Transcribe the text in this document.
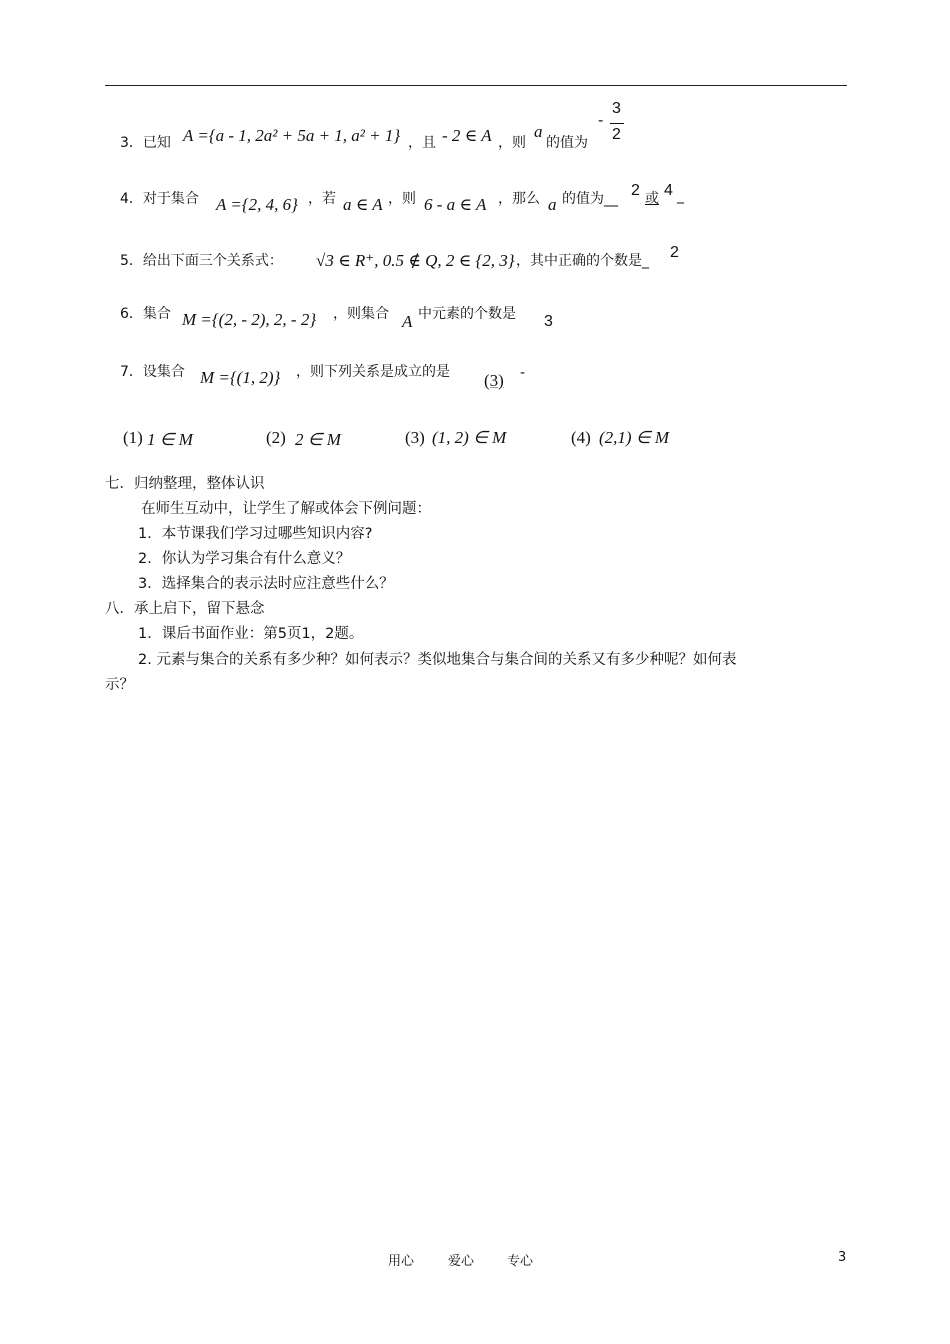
3．已知 A ={a - 1, 2a² + 5a + 1, a² + 1} ，且 - 2 ∈ A ，则
a
的值为
-
3
2
4．对于集合 A ={2, 4, 6} ，若 a ∈ A ，则 6 - a ∈ A ，那么 a 的值为__ 2 或 4 _
5．给出下面三个关系式： √3 ∈ R⁺, 0.5 ∉ Q, 2 ∈ {2, 3} ，其中正确的个数是_ 2
6．集合 M ={(2, - 2), 2, - 2} ，则集合 A 中元素的个数是 3
7．设集合 M ={(1, 2)} ，则下列关系是成立的是 (3) -
(1) 1 ∈ M	(2) 2 ∈ M	(3) (1, 2) ∈ M	(4) (2,1) ∈ M
七．归纳整理，整体认识
在师生互动中，让学生了解或体会下例问题：
1．本节课我们学习过哪些知识内容?
2．你认为学习集合有什么意义？
3．选择集合的表示法时应注意些什么？
八．承上启下，留下悬念
1．课后书面作业：第5页1，2题。
2. 元素与集合的关系有多少种？如何表示？类似地集合与集合间的关系又有多少种呢？如何表
示？
用心	爱心	专心	3
